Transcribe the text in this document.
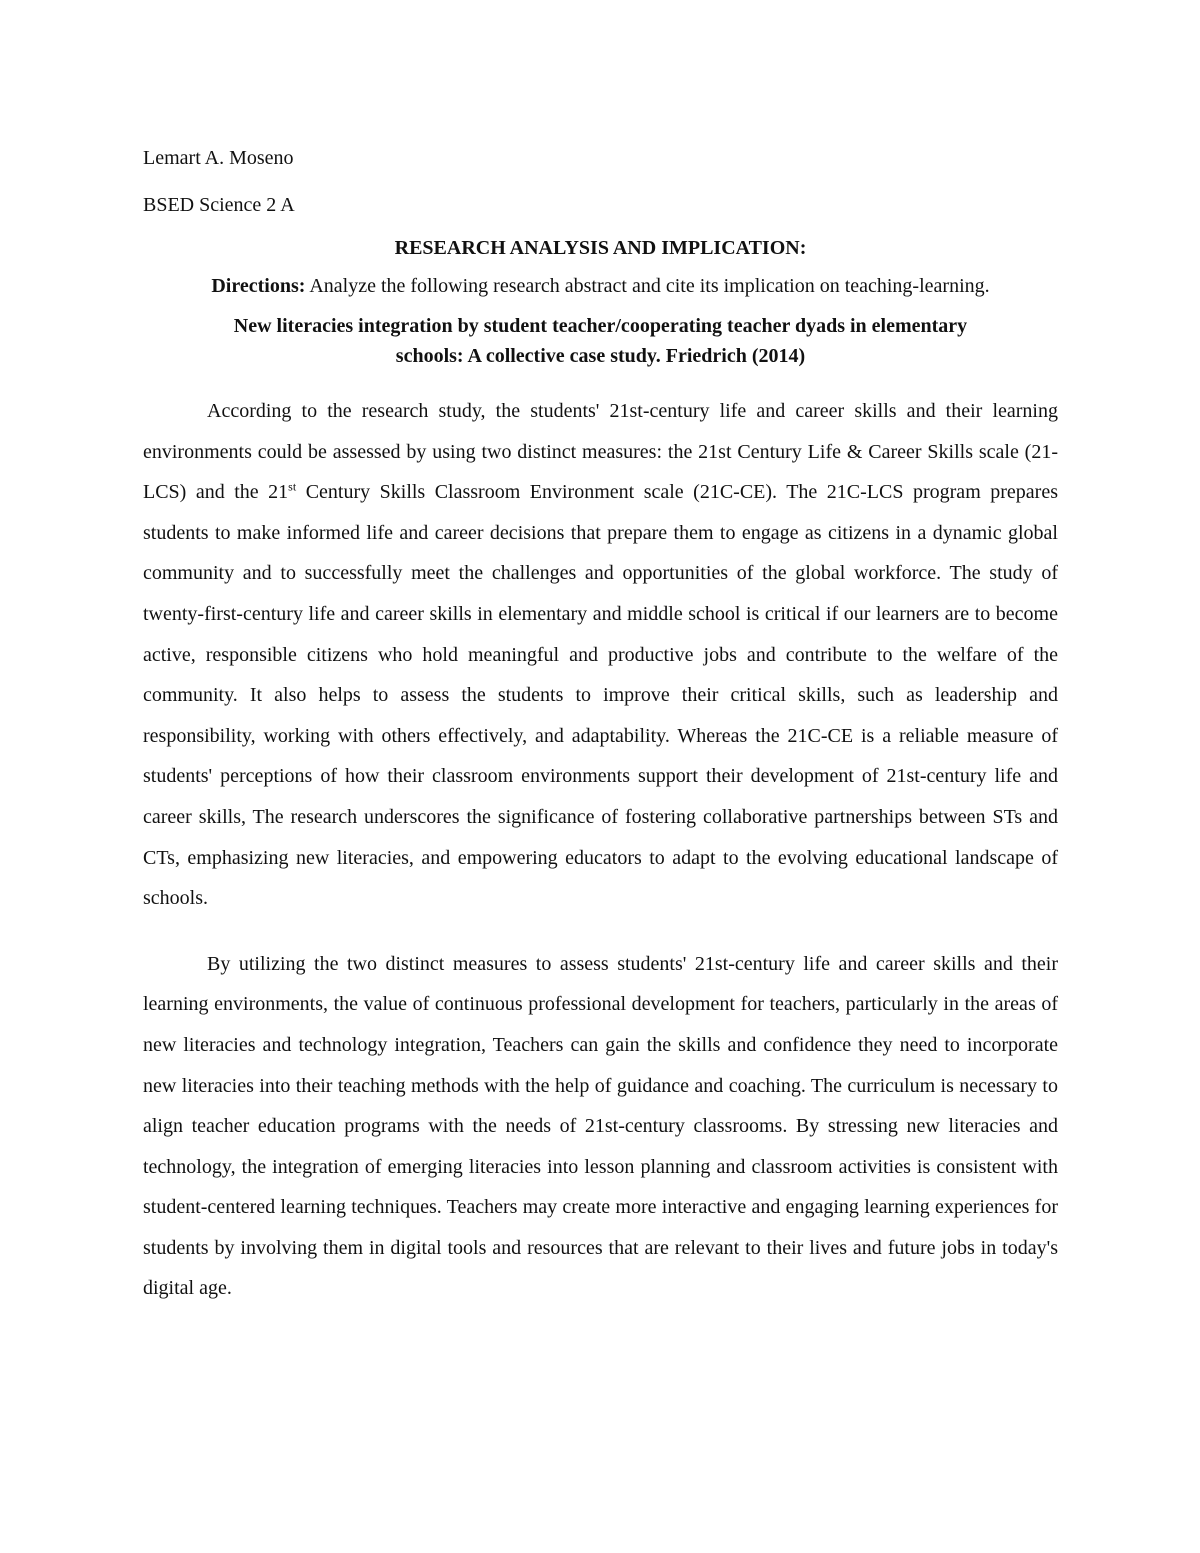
Lemart A. Moseno

BSED Science 2 A

RESEARCH ANALYSIS AND IMPLICATION:

Directions: Analyze the following research abstract and cite its implication on teaching-learning.

New literacies integration by student teacher/cooperating teacher dyads in elementary
schools: A collective case study. Friedrich (2014)

According to the research study, the students' 21st-century life and career skills and their learning environments could be assessed by using two distinct measures: the 21st Century Life & Career Skills scale (21-LCS) and the 21st Century Skills Classroom Environment scale (21C-CE). The 21C-LCS program prepares students to make informed life and career decisions that prepare them to engage as citizens in a dynamic global community and to successfully meet the challenges and opportunities of the global workforce. The study of twenty-first-century life and career skills in elementary and middle school is critical if our learners are to become active, responsible citizens who hold meaningful and productive jobs and contribute to the welfare of the community. It also helps to assess the students to improve their critical skills, such as leadership and responsibility, working with others effectively, and adaptability. Whereas the 21C-CE is a reliable measure of students' perceptions of how their classroom environments support their development of 21st-century life and career skills, The research underscores the significance of fostering collaborative partnerships between STs and CTs, emphasizing new literacies, and empowering educators to adapt to the evolving educational landscape of schools.

By utilizing the two distinct measures to assess students' 21st-century life and career skills and their learning environments, the value of continuous professional development for teachers, particularly in the areas of new literacies and technology integration, Teachers can gain the skills and confidence they need to incorporate new literacies into their teaching methods with the help of guidance and coaching. The curriculum is necessary to align teacher education programs with the needs of 21st-century classrooms. By stressing new literacies and technology, the integration of emerging literacies into lesson planning and classroom activities is consistent with student-centered learning techniques. Teachers may create more interactive and engaging learning experiences for students by involving them in digital tools and resources that are relevant to their lives and future jobs in today's digital age.
